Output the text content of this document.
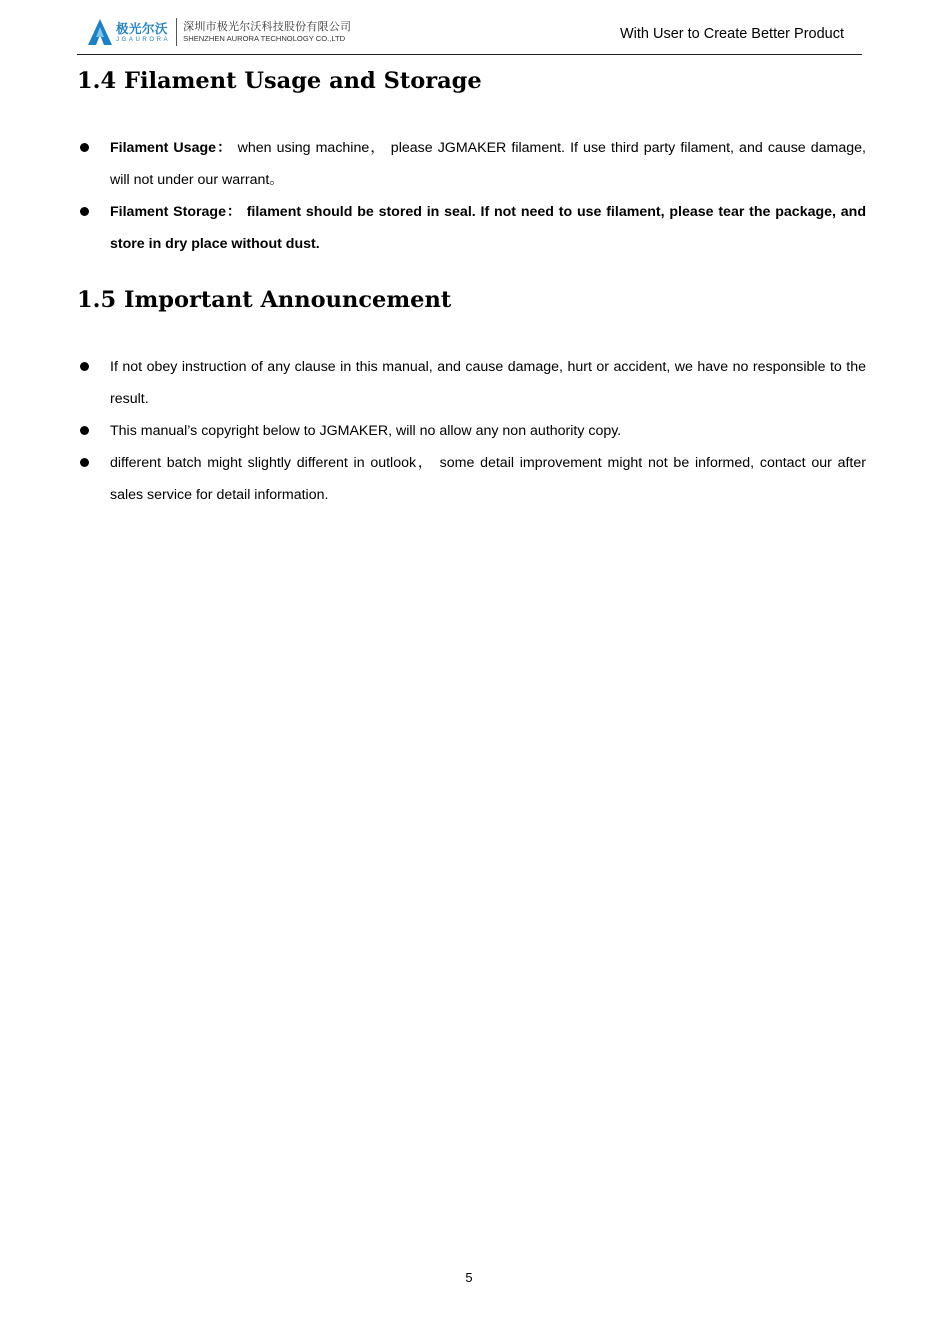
极光尔沃
JGAURORA
深圳市极光尔沃科技股份有限公司
SHENZHEN AURORA TECHNOLOGY CO.,LTD	With User to Create Better Product
1.4 Filament Usage and Storage
Filament Usage： when using machine， please JGMAKER filament. If use third party filament, and cause damage, will not under our warrant。
Filament Storage： filament should be stored in seal. If not need to use filament, please tear the package, and store in dry place without dust.
1.5 Important Announcement
If not obey instruction of any clause in this manual, and cause damage, hurt or accident, we have no responsible to the result.
This manual’s copyright below to JGMAKER, will no allow any non authority copy.
different batch might slightly different in outlook， some detail improvement might not be informed, contact our after sales service for detail information.
5
